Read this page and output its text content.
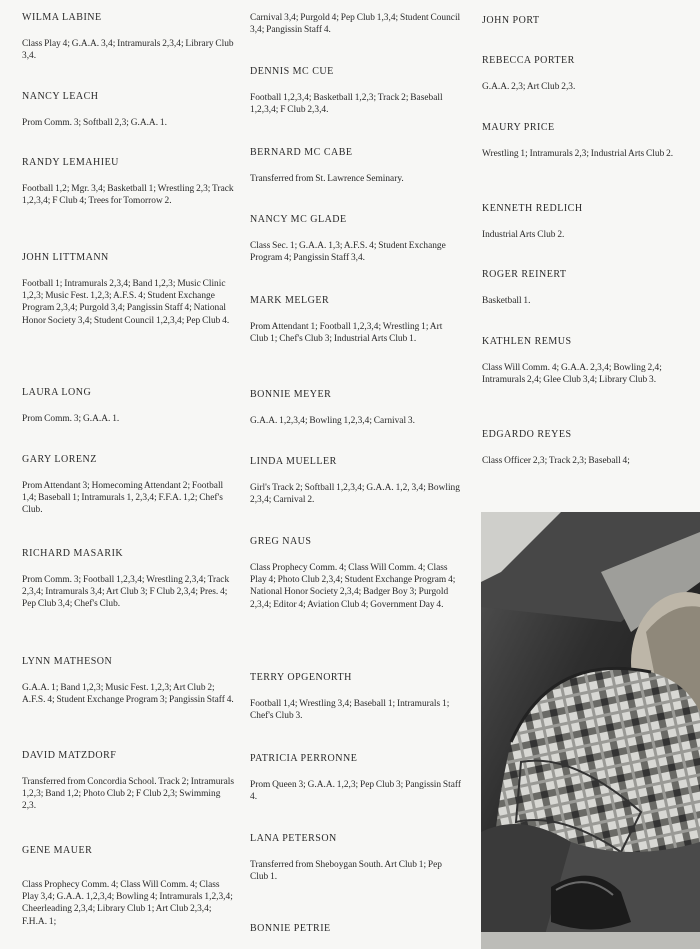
WILMA LABINE

Class Play 4; G.A.A. 3,4; Intramurals 2,3,4; Library Club 3,4.

NANCY LEACH

Prom Comm. 3; Softball 2,3; G.A.A. 1.

RANDY LEMAHIEU

Football 1,2; Mgr. 3,4; Basketball 1; Wrestling 2,3; Track 1,2,3,4; F Club 4; Trees for Tomorrow 2.

JOHN LITTMANN

Football 1; Intramurals 2,3,4; Band 1,2,3; Music Clinic 1,2,3; Music Fest. 1,2,3; A.F.S. 4; Student Exchange Program 2,3,4; Purgold 3,4; Pangissin Staff 4; National Honor Society 3,4; Student Council 1,2,3,4; Pep Club 4.

LAURA LONG

Prom Comm. 3; G.A.A. 1.

GARY LORENZ

Prom Attendant 3; Homecoming Attendant 2; Football 1,4; Baseball 1; Intramurals 1, 2,3,4; F.F.A. 1,2; Chef's Club.

RICHARD MASARIK

Prom Comm. 3; Football 1,2,3,4; Wrestling 2,3,4; Track 2,3,4; Intramurals 3,4; Art Club 3; F Club 2,3,4; Pres. 4; Pep Club 3,4; Chef's Club.

LYNN MATHESON

G.A.A. 1; Band 1,2,3; Music Fest. 1,2,3; Art Club 2; A.F.S. 4; Student Exchange Program 3; Pangissin Staff 4.

DAVID MATZDORF

Transferred from Concordia School. Track 2; Intramurals 1,2,3; Band 1,2; Photo Club 2; F Club 2,3; Swimming 2,3.

GENE MAUER

Class Prophecy Comm. 4; Class Will Comm. 4; Class Play 3,4; G.A.A. 1,2,3,4; Bowling 4; Intramurals 1,2,3,4; Cheerleading 2,3,4; Library Club 1; Art Club 2,3,4; F.H.A. 1;

Carnival 3,4; Purgold 4; Pep Club 1,3,4; Student Council 3,4; Pangissin Staff 4.

DENNIS MC CUE

Football 1,2,3,4; Basketball 1,2,3; Track 2; Baseball 1,2,3,4; F Club 2,3,4.

BERNARD MC CABE

Transferred from St. Lawrence Seminary.

NANCY MC GLADE

Class Sec. 1; G.A.A. 1,3; A.F.S. 4; Student Exchange Program 4; Pangissin Staff 3,4.

MARK MELGER

Prom Attendant 1; Football 1,2,3,4; Wrestling 1; Art Club 1; Chef's Club 3; Industrial Arts Club 1.

BONNIE MEYER

G.A.A. 1,2,3,4; Bowling 1,2,3,4; Carnival 3.

LINDA MUELLER

Girl's Track 2; Softball 1,2,3,4; G.A.A. 1,2, 3,4; Bowling 2,3,4; Carnival 2.

GREG NAUS

Class Prophecy Comm. 4; Class Will Comm. 4; Class Play 4; Photo Club 2,3,4; Student Exchange Program 4; National Honor Society 2,3,4; Badger Boy 3; Purgold 2,3,4; Editor 4; Aviation Club 4; Government Day 4.

TERRY OPGENORTH

Football 1,4; Wrestling 3,4; Baseball 1; Intramurals 1; Chef's Club 3.

PATRICIA PERRONNE

Prom Queen 3; G.A.A. 1,2,3; Pep Club 3; Pangissin Staff 4.

LANA PETERSON

Transferred from Sheboygan South. Art Club 1; Pep Club 1.

BONNIE PETRIE

JOHN PORT

REBECCA PORTER

G.A.A. 2,3; Art Club 2,3.

MAURY PRICE

Wrestling 1; Intramurals 2,3; Industrial Arts Club 2.

KENNETH REDLICH

Industrial Arts Club 2.

ROGER REINERT

Basketball 1.

KATHLEN REMUS

Class Will Comm. 4; G.A.A. 2,3,4; Bowling 2,4; Intramurals 2,4; Glee Club 3,4; Library Club 3.

EDGARDO REYES

Class Officer 2,3; Track 2,3; Baseball 4;
